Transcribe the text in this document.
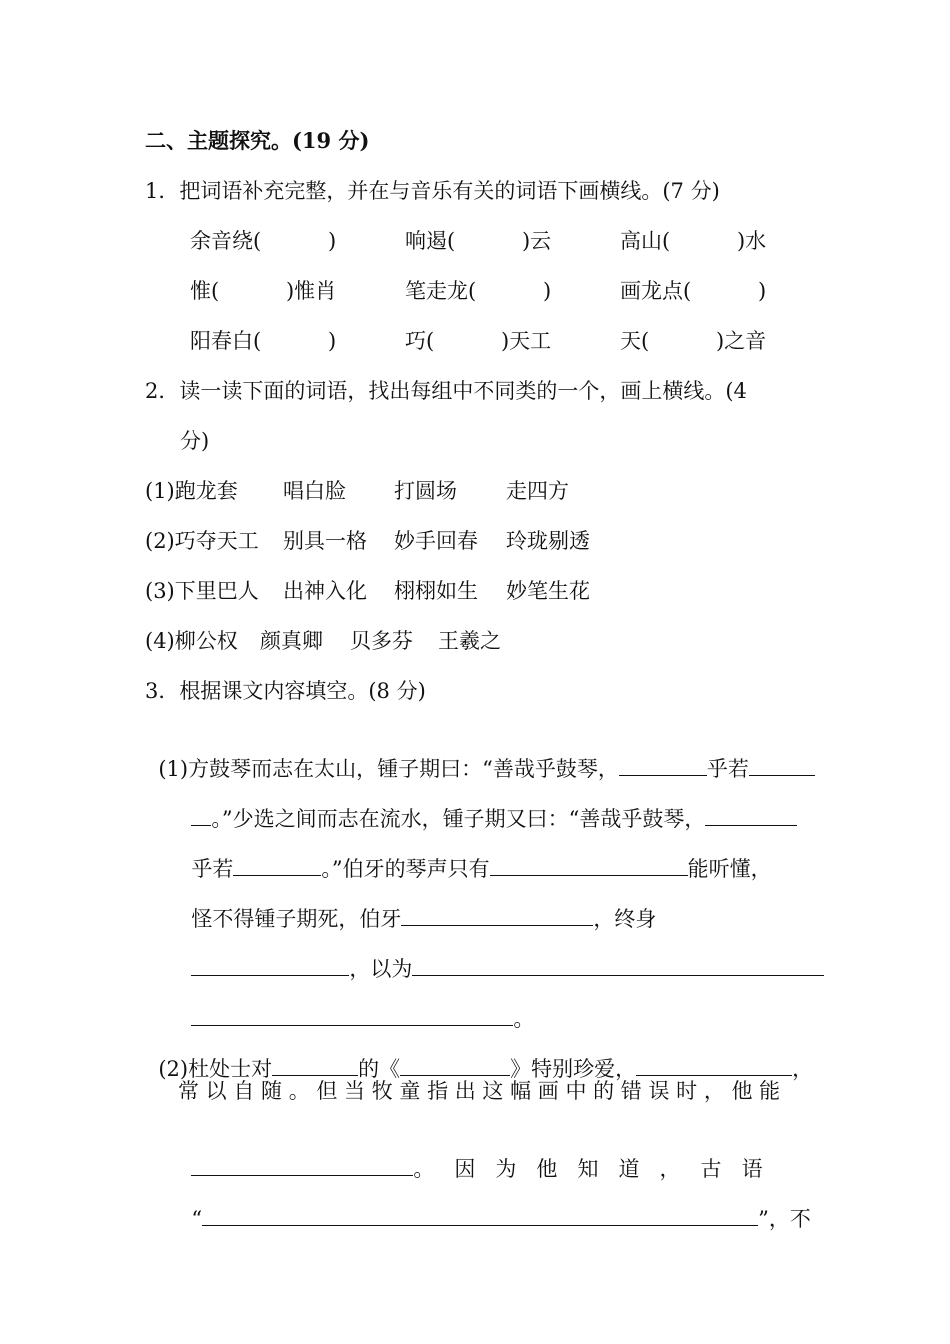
二、主题探究。(19 分)
1．把词语补充完整，并在与音乐有关的词语下画横线。(7 分)
余音绕(          )	响遏(          )云	高山(          )水
惟(          )惟肖	笔走龙(          )	画龙点(          )
阳春白(          )	巧(          )天工	天(          )之音
2．读一读下面的词语，找出每组中不同类的一个，画上横线。(4
分)
(1)跑龙套 唱白脸 打圆场 走四方
(2)巧夺天工 别具一格 妙手回春 玲珑剔透
(3)下里巴人 出神入化 栩栩如生 妙笔生花
(4)柳公权 颜真卿 贝多芬 王羲之
3．根据课文内容填空。(8 分)

(1)方鼓琴而志在太山，锺子期曰：“善哉乎鼓琴，	乎若

。”少选之间而志在流水，锺子期又曰：“善哉乎鼓琴，

乎若	。”伯牙的琴声只有	能听懂，

怪不得锺子期死，伯牙	，终身

，以为

。

(2)杜处士对	的《	》特别珍爱，	，

常 以 自 随 。 但 当 牧 童 指 出 这 幅 画 中 的 错 误 时 ， 他 能

。   因   为   他   知   道   ，   古   语

“	”，不
